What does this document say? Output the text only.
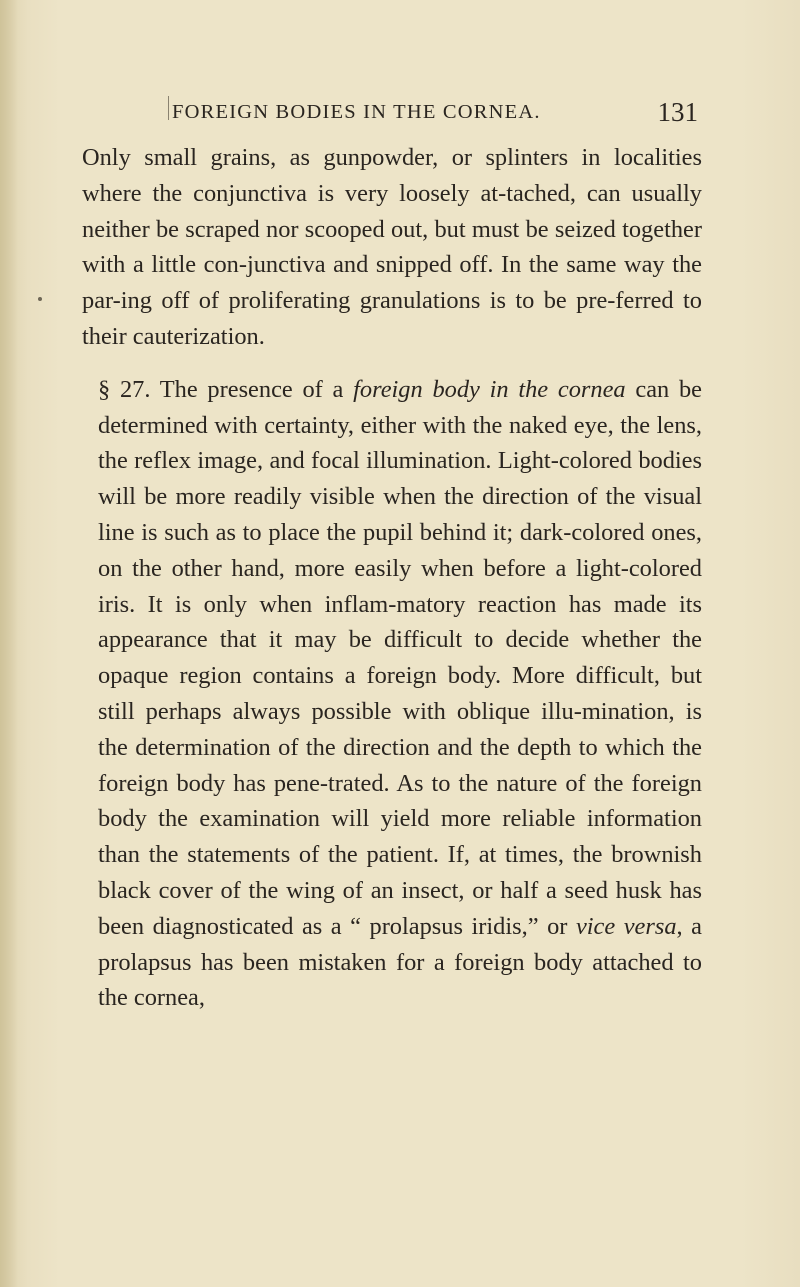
FOREIGN BODIES IN THE CORNEA.	131

Only small grains, as gunpowder, or splinters in localities where the conjunctiva is very loosely at-tached, can usually neither be scraped nor scooped out, but must be seized together with a little con-junctiva and snipped off. In the same way the par-ing off of proliferating granulations is to be pre-ferred to their cauterization.

§ 27. The presence of a foreign body in the cornea can be determined with certainty, either with the naked eye, the lens, the reflex image, and focal illumination. Light-colored bodies will be more readily visible when the direction of the visual line is such as to place the pupil behind it; dark-colored ones, on the other hand, more easily when before a light-colored iris. It is only when inflam-matory reaction has made its appearance that it may be difficult to decide whether the opaque region contains a foreign body. More difficult, but still perhaps always possible with oblique illu-mination, is the determination of the direction and the depth to which the foreign body has pene-trated. As to the nature of the foreign body the examination will yield more reliable information than the statements of the patient. If, at times, the brownish black cover of the wing of an insect, or half a seed husk has been diagnosticated as a “ prolapsus iridis,” or vice versa, a prolapsus has been mistaken for a foreign body attached to the cornea,
